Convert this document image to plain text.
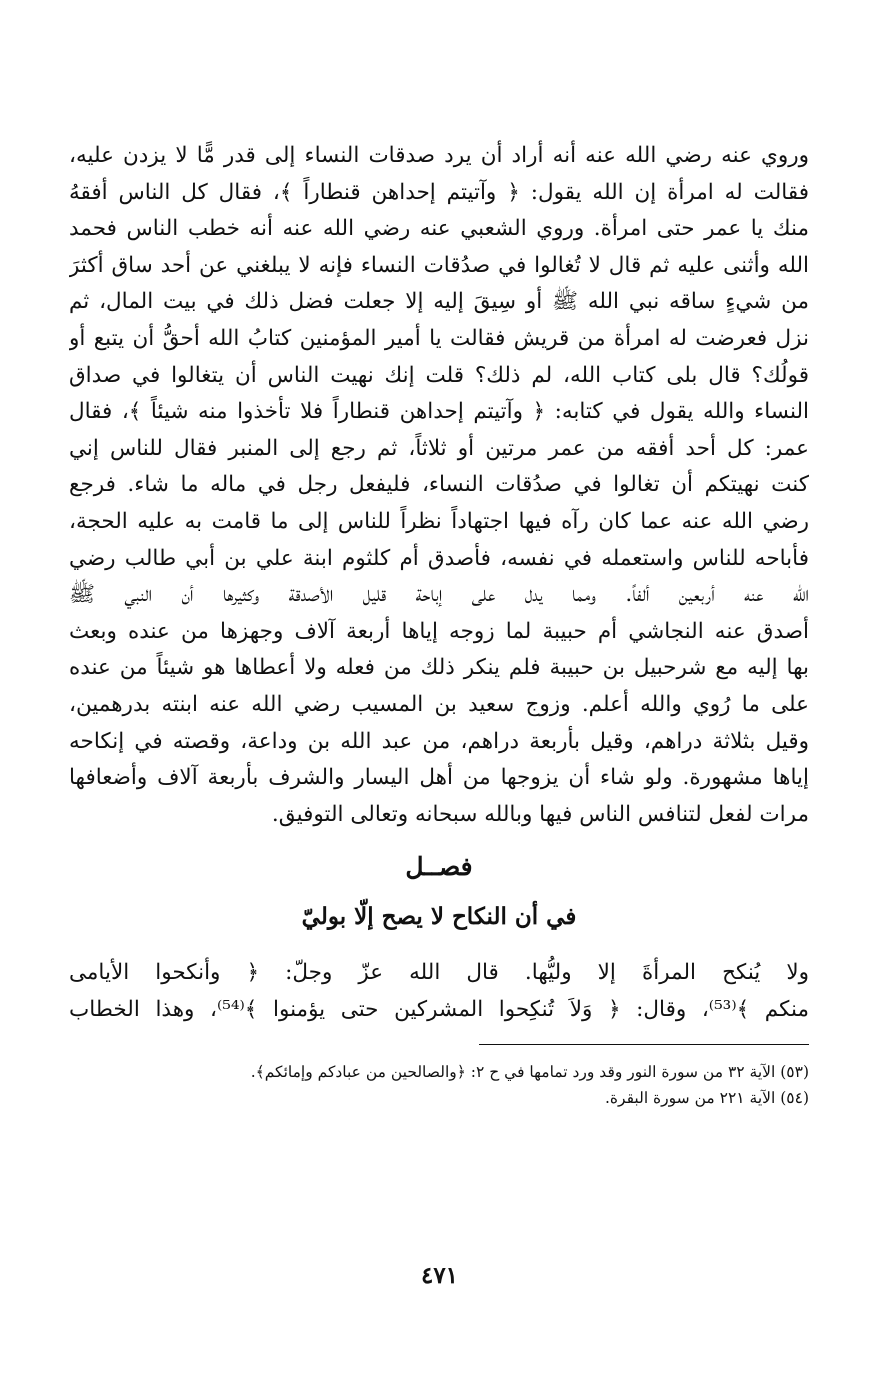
وروي عنه رضي الله عنه أنه أراد أن يرد صدقات النساء إلى قدر مًّا لا يزدن عليه،
فقالت له امرأة إن الله يقول: ﴿ وآتيتم إحداهن قنطاراً ﴾، فقال كل الناس أفقهُ
منك يا عمر حتى امرأة. وروي الشعبي عنه رضي الله عنه أنه خطب الناس فحمد
الله وأثنى عليه ثم قال لا تُغالوا في صدُقات النساء فإنه لا يبلغني عن أحد ساق أكثرَ
من شيءٍ ساقه نبي الله ﷺ أو سِيقَ إليه إلا جعلت فضل ذلك في بيت المال، ثم
نزل فعرضت له امرأة من قريش فقالت يا أمير المؤمنين كتابُ الله أحقُّ أن يتبع أو
قولُك؟ قال بلى كتاب الله، لم ذلك؟ قلت إنك نهيت الناس أن يتغالوا في صداق
النساء والله يقول في كتابه: ﴿ وآتيتم إحداهن قنطاراً فلا تأخذوا منه شيئاً ﴾، فقال
عمر: كل أحد أفقه من عمر مرتين أو ثلاثاً، ثم رجع إلى المنبر فقال للناس إني
كنت نهيتكم أن تغالوا في صدُقات النساء، فليفعل رجل في ماله ما شاء. فرجع
رضي الله عنه عما كان رآه فيها اجتهاداً نظراً للناس إلى ما قامت به عليه الحجة،
فأباحه للناس واستعمله في نفسه، فأصدق أم كلثوم ابنة علي بن أبي طالب رضي
الله عنه أربعين ألفاً. ومما يدل على إباحة قليل الأصدقة وكثيرها أن النبي ﷺ
أصدق عنه النجاشي أم حبيبة لما زوجه إياها أربعة آلاف وجهزها من عنده وبعث
بها إليه مع شرحبيل بن حبيبة فلم ينكر ذلك من فعله ولا أعطاها هو شيئاً من عنده
على ما رُوي والله أعلم. وزوج سعيد بن المسيب رضي الله عنه ابنته بدرهمين،
وقيل بثلاثة دراهم، وقيل بأربعة دراهم، من عبد الله بن وداعة، وقصته في إنكاحه
إياها مشهورة. ولو شاء أن يزوجها من أهل اليسار والشرف بأربعة آلاف وأضعافها
مرات لفعل لتنافس الناس فيها وبالله سبحانه وتعالى التوفيق.
فصــل
في أن النكاح لا يصح إلّا بوليّ
ولا يُنكح المرأةَ إلا وليُّها. قال الله عزّ وجلّ: ﴿ وأنكحوا الأيامى
منكم ﴾⁽⁵³⁾، وقال: ﴿ وَلاَ تُنكِحوا المشركين حتى يؤمنوا ﴾⁽⁵⁴⁾، وهذا الخطاب
(٥٣) الآية ٣٢ من سورة النور وقد ورد تمامها في ح ٢: ﴿والصالحين من عبادكم وإمائكم﴾.
(٥٤) الآية ٢٢١ من سورة البقرة.
٤٧١
